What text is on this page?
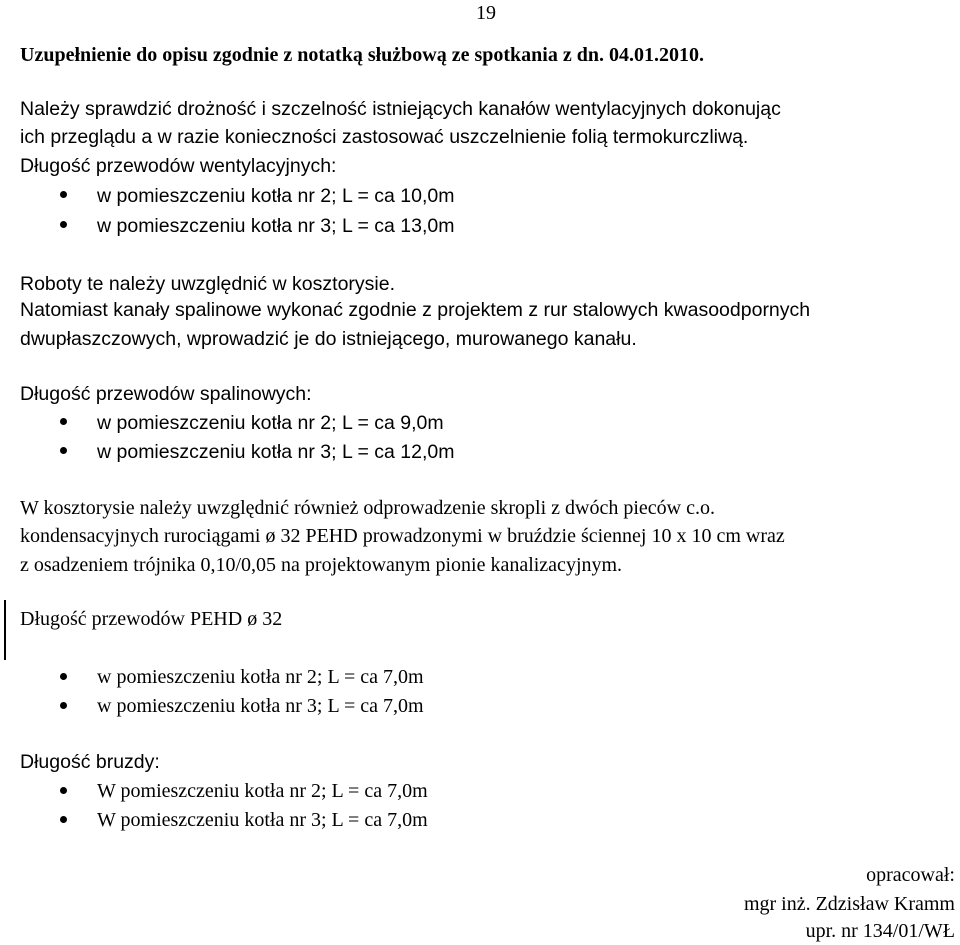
19
Uzupełnienie do opisu zgodnie z notatką służbową ze spotkania z dn. 04.01.2010.
Należy sprawdzić drożność i szczelność istniejących kanałów wentylacyjnych dokonując
ich przeglądu a w razie konieczności zastosować uszczelnienie folią termokurczliwą.
Długość przewodów wentylacyjnych:
w pomieszczeniu kotła nr 2; L = ca 10,0m
w pomieszczeniu kotła nr 3; L = ca 13,0m
Roboty te należy uwzględnić w kosztorysie.
Natomiast kanały spalinowe wykonać zgodnie z projektem z rur stalowych kwasoodpornych
dwupłaszczowych, wprowadzić je do istniejącego, murowanego kanału.
Długość przewodów spalinowych:
w pomieszczeniu kotła nr 2; L = ca 9,0m
w pomieszczeniu kotła nr 3; L = ca 12,0m
W kosztorysie należy uwzględnić również odprowadzenie skropli z dwóch pieców c.o.
kondensacyjnych rurociągami ø 32 PEHD prowadzonymi w bruździe ściennej 10 x 10 cm wraz
z osadzeniem trójnika 0,10/0,05 na projektowanym pionie kanalizacyjnym.
Długość przewodów PEHD ø 32
w pomieszczeniu kotła nr 2; L = ca 7,0m
w pomieszczeniu kotła nr 3; L = ca 7,0m
Długość bruzdy:
W pomieszczeniu kotła nr 2; L = ca 7,0m
W pomieszczeniu kotła nr 3; L = ca 7,0m
opracował:
mgr inż. Zdzisław Kramm
upr. nr 134/01/WŁ
